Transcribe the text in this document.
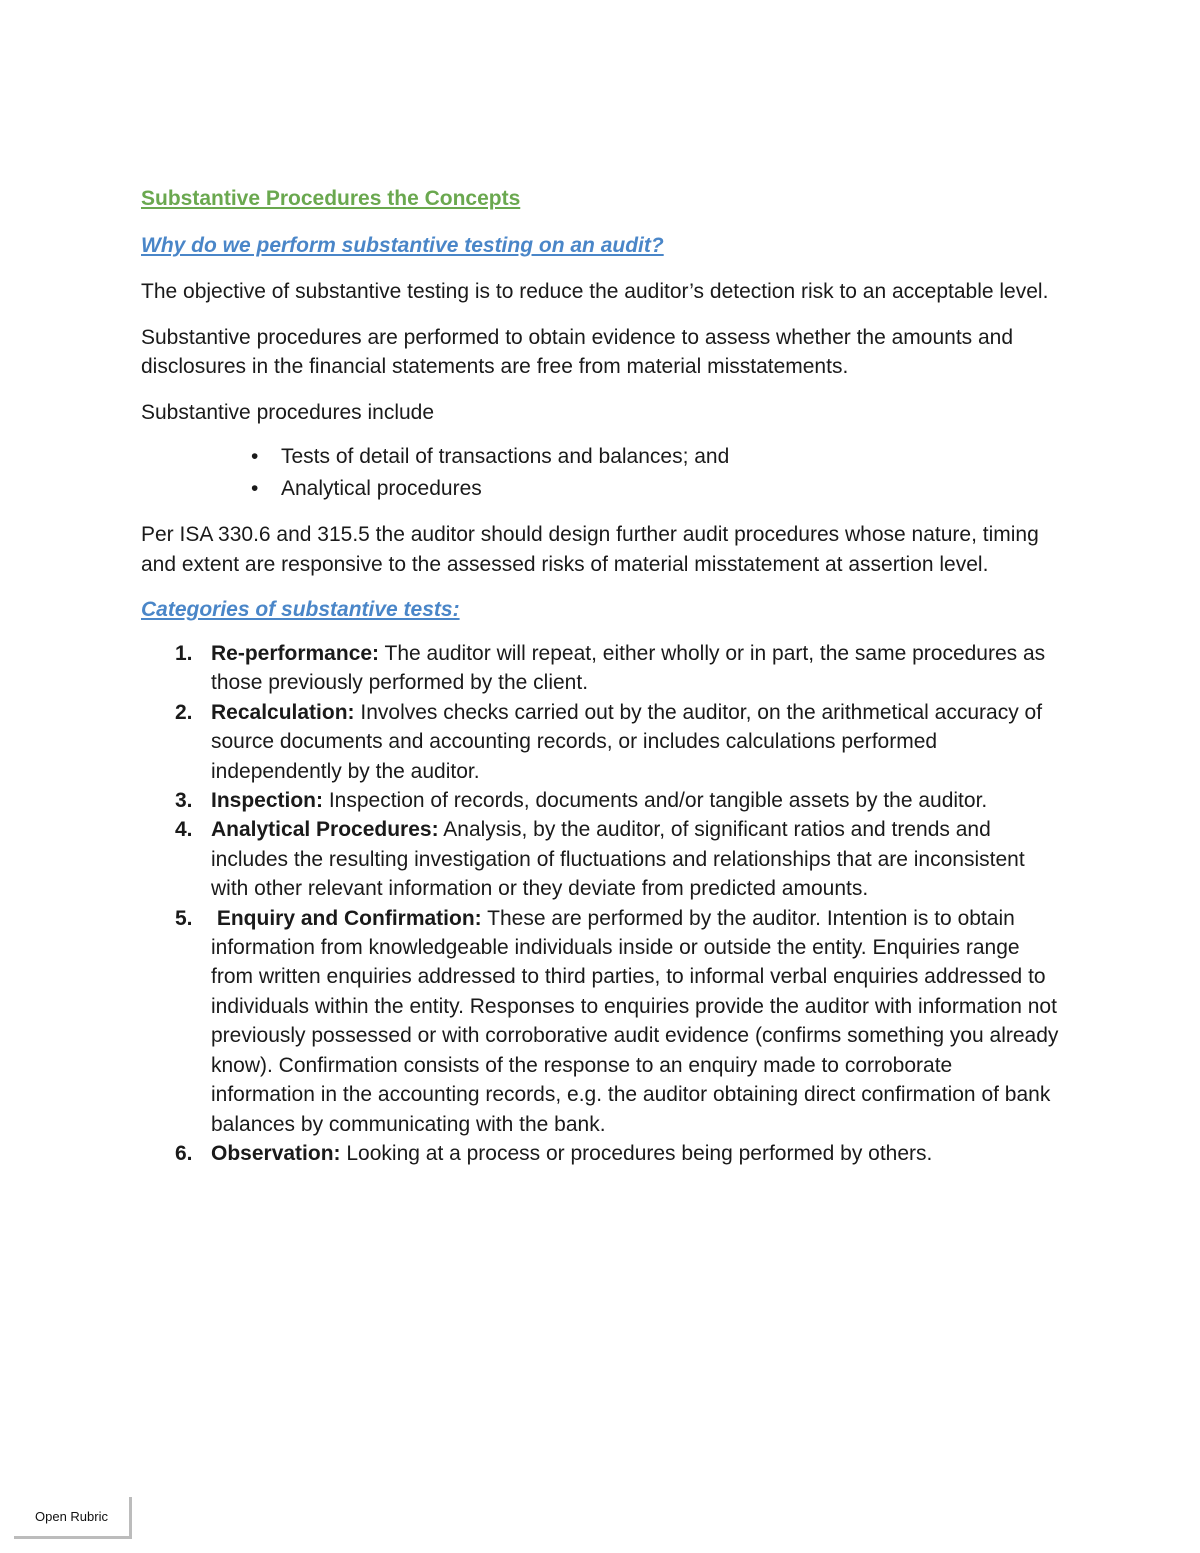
Substantive Procedures the Concepts
Why do we perform substantive testing on an audit?

The objective of substantive testing is to reduce the auditor’s detection risk to an acceptable level.

Substantive procedures are performed to obtain evidence to assess whether the amounts and disclosures in the financial statements are free from material misstatements.

Substantive procedures include

• Tests of detail of transactions and balances; and
• Analytical procedures

Per ISA 330.6 and 315.5 the auditor should design further audit procedures whose nature, timing and extent are responsive to the assessed risks of material misstatement at assertion level.

Categories of substantive tests:
1. Re-performance: The auditor will repeat, either wholly or in part, the same procedures as those previously performed by the client.
2. Recalculation: Involves checks carried out by the auditor, on the arithmetical accuracy of source documents and accounting records, or includes calculations performed independently by the auditor.
3. Inspection: Inspection of records, documents and/or tangible assets by the auditor.
4. Analytical Procedures: Analysis, by the auditor, of significant ratios and trends and includes the resulting investigation of fluctuations and relationships that are inconsistent with other relevant information or they deviate from predicted amounts.
5. Enquiry and Confirmation: These are performed by the auditor. Intention is to obtain information from knowledgeable individuals inside or outside the entity. Enquiries range from written enquiries addressed to third parties, to informal verbal enquiries addressed to individuals within the entity. Responses to enquiries provide the auditor with information not previously possessed or with corroborative audit evidence (confirms something you already know). Confirmation consists of the response to an enquiry made to corroborate information in the accounting records, e.g. the auditor obtaining direct confirmation of bank balances by communicating with the bank.
6. Observation: Looking at a process or procedures being performed by others.
Open Rubric
